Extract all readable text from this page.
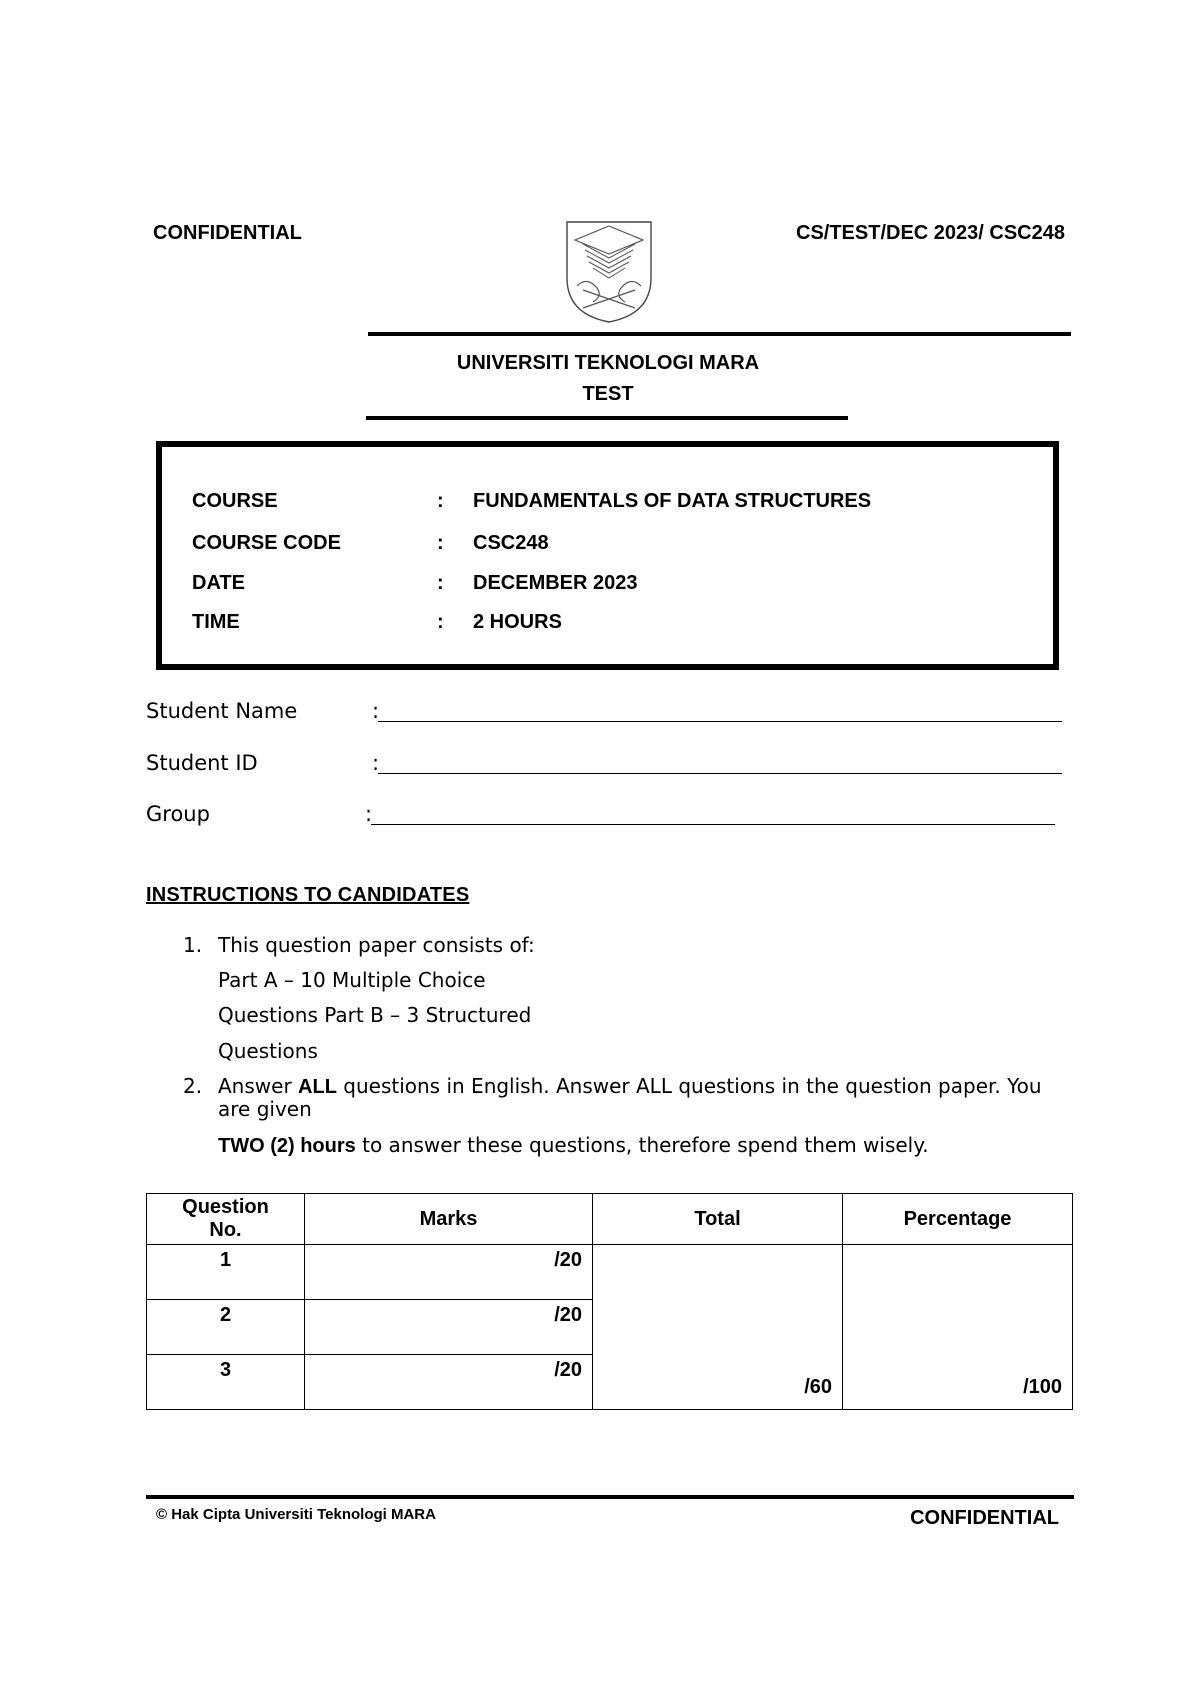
CONFIDENTIAL	CS/TEST/DEC 2023/ CSC248
UNIVERSITI TEKNOLOGI MARA
TEST
COURSE	: FUNDAMENTALS OF DATA STRUCTURES
COURSE CODE	: CSC248
DATE	: DECEMBER 2023
TIME	: 2 HOURS
Student Name	:
Student ID	:
Group	:
INSTRUCTIONS TO CANDIDATES
1. This question paper consists of:
Part A – 10 Multiple Choice
Questions Part B – 3 Structured
Questions
2. Answer ALL questions in English. Answer ALL questions in the question paper. You
are given
TWO (2) hours to answer these questions, therefore spend them wisely.
Question
No.	Marks	Total	Percentage
1	/20	/60	/100
2	/20		
3	/20		
© Hak Cipta Universiti Teknologi MARA	CONFIDENTIAL
